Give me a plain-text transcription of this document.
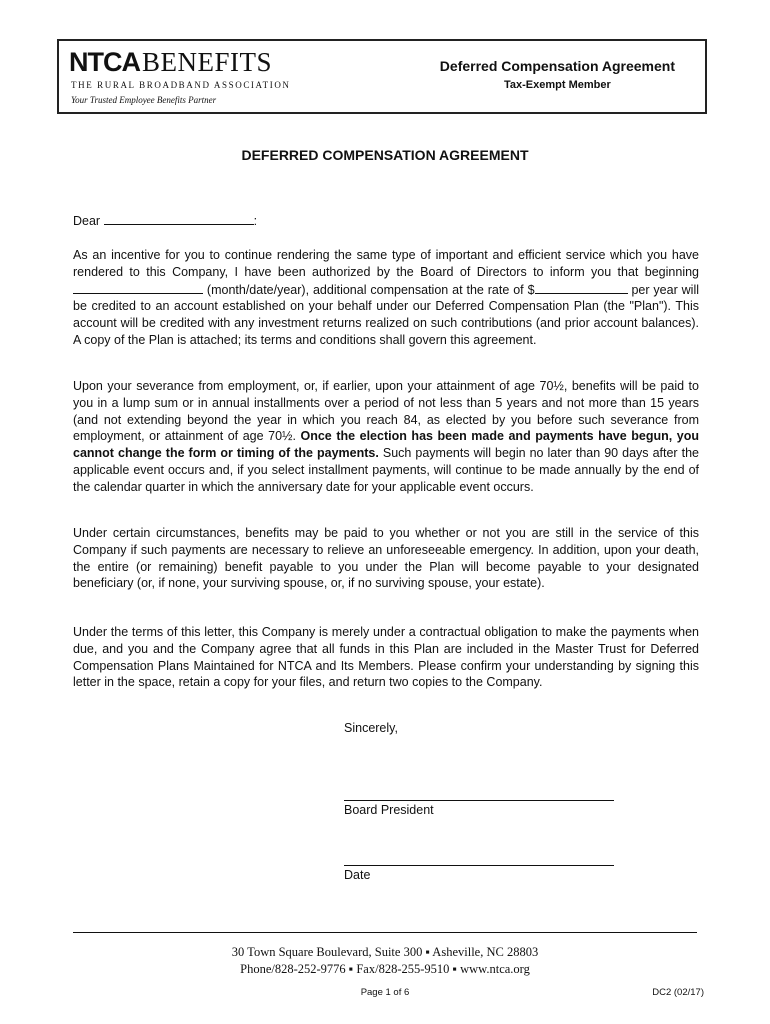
NTCABENEFITS
THE RURAL BROADBAND ASSOCIATION
Your Trusted Employee Benefits Partner
Deferred Compensation Agreement
Tax-Exempt Member
DEFERRED COMPENSATION AGREEMENT
Dear	:

As an incentive for you to continue rendering the same type of important and efficient service which you have rendered to this Company, I have been authorized by the Board of Directors to inform you that beginning  (month/date/year), additional compensation at the rate of $	per year will be credited to an account established on your behalf under our Deferred Compensation Plan (the "Plan"). This account will be credited with any investment returns realized on such contributions (and prior account balances). A copy of the Plan is attached; its terms and conditions shall govern this agreement.

Upon your severance from employment, or, if earlier, upon your attainment of age 70½, benefits will be paid to you in a lump sum or in annual installments over a period of not less than 5 years and not more than 15 years (and not extending beyond the year in which you reach 84, as elected by you before such severance from employment, or attainment of age 70½. Once the election has been made and payments have begun, you cannot change the form or timing of the payments. Such payments will begin no later than 90 days after the applicable event occurs and, if you select installment payments, will continue to be made annually by the end of the calendar quarter in which the anniversary date for your applicable event occurs.

Under certain circumstances, benefits may be paid to you whether or not you are still in the service of this Company if such payments are necessary to relieve an unforeseeable emergency. In addition, upon your death, the entire (or remaining) benefit payable to you under the Plan will become payable to your designated beneficiary (or, if none, your surviving spouse, or, if no surviving spouse, your estate).

Under the terms of this letter, this Company is merely under a contractual obligation to make the payments when due, and you and the Company agree that all funds in this Plan are included in the Master Trust for Deferred Compensation Plans Maintained for NTCA and Its Members. Please confirm your understanding by signing this letter in the space, retain a copy for your files, and return two copies to the Company.

Sincerely,
Board President
Date
30 Town Square Boulevard, Suite 300 ▪ Asheville, NC 28803
Phone/828-252-9776 ▪ Fax/828-255-9510 ▪ www.ntca.org
Page 1 of 6	DC2 (02/17)
